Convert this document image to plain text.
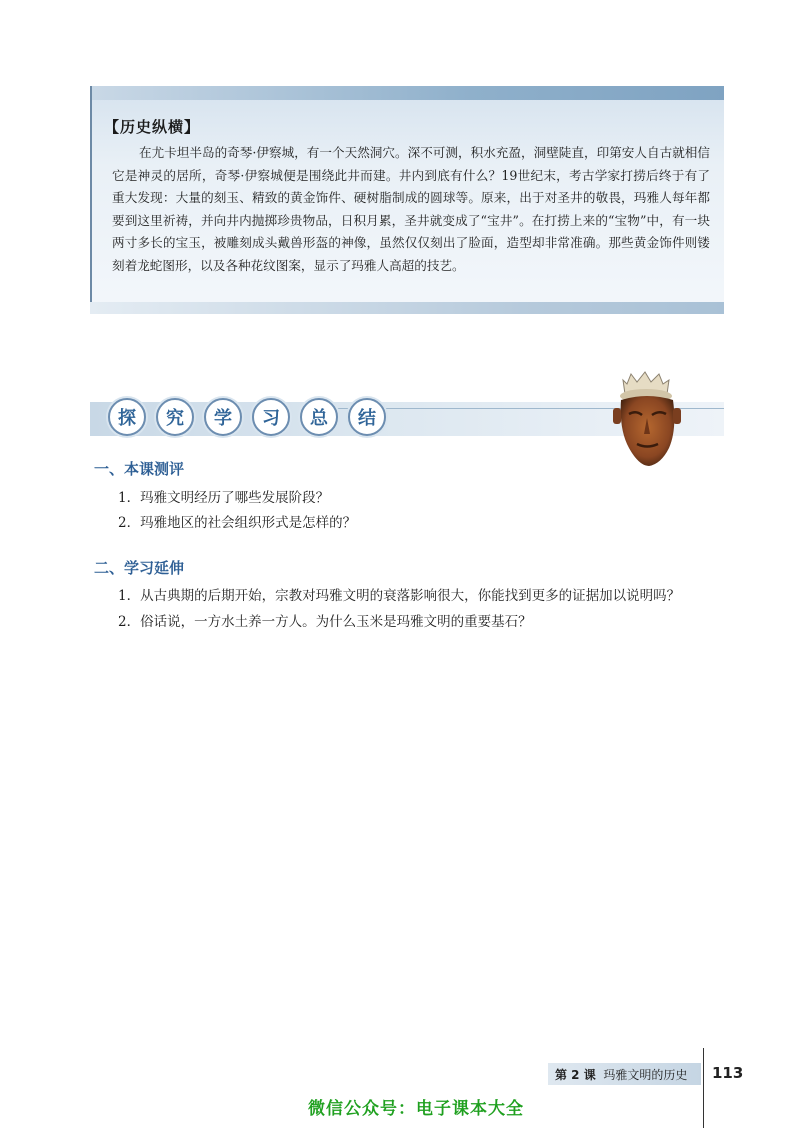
【历史纵横】
在尤卡坦半岛的奇琴·伊察城，有一个天然洞穴。深不可测，积水充盈，洞壁陡直，印第安人自古就相信它是神灵的居所，奇琴·伊察城便是围绕此井而建。井内到底有什么？19世纪末，考古学家打捞后终于有了重大发现：大量的刻玉、精致的黄金饰件、硬树脂制成的圆球等。原来，出于对圣井的敬畏，玛雅人每年都要到这里祈祷，并向井内抛掷珍贵物品，日积月累，圣井就变成了“宝井”。在打捞上来的“宝物”中，有一块两寸多长的宝玉，被雕刻成头戴兽形盔的神像，虽然仅仅刻出了脸面，造型却非常准确。那些黄金饰件则镂刻着龙蛇图形，以及各种花纹图案，显示了玛雅人高超的技艺。
探	究	学	习	总	结
一、本课测评
1．玛雅文明经历了哪些发展阶段？
2．玛雅地区的社会组织形式是怎样的？
二、学习延伸
1．从古典期的后期开始，宗教对玛雅文明的衰落影响很大，你能找到更多的证据加以说明吗？
2．俗话说，一方水土养一方人。为什么玉米是玛雅文明的重要基石？
第 2 课 玛雅文明的历史 113
微信公众号：电子课本大全
